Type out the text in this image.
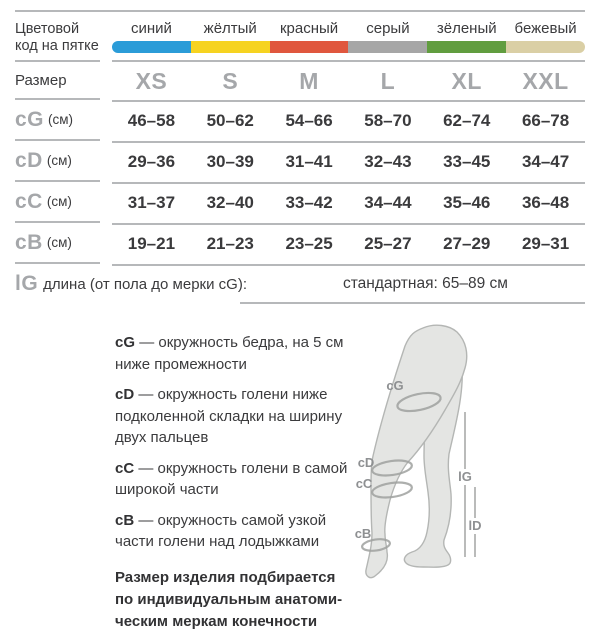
Цветовой
код на пятке
синий	жёлтый	красный	серый	зёленый	бежевый
Размер	XS	S	M	L	XL	XXL
cG (см)	46–58	50–62	54–66	58–70	62–74	66–78
cD (см)	29–36	30–39	31–41	32–43	33–45	34–47
cC (см)	31–37	32–40	33–42	34–44	35–46	36–48
cB (см)	19–21	21–23	23–25	25–27	27–29	29–31
lG длина (от пола до мерки cG):	стандартная: 65–89 см
cG — окружность бедра, на 5 см ниже промежности
cD — окружность голени ниже подколенной складки на ширину двух пальцев
cC — окружность голени в самой широкой части
cB — окружность самой узкой части голени над лодыжками
Размер изделия подбирается
по индивидуальным анатоми-
ческим меркам конечности
cG
cD
cC
cB
lG
lD
